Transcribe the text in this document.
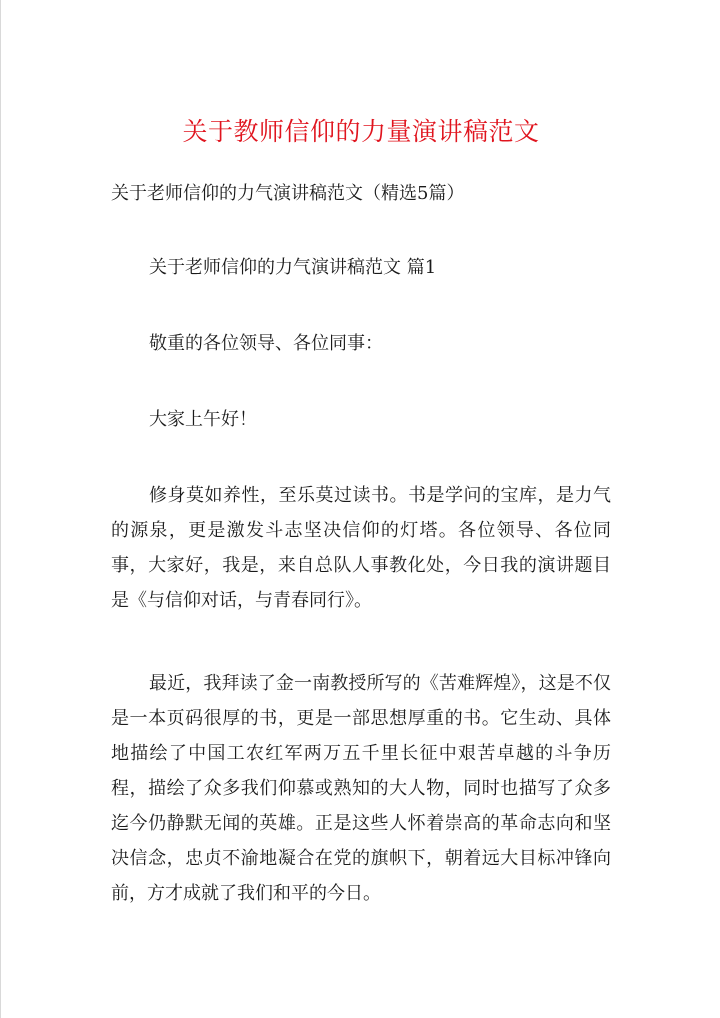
关于教师信仰的力量演讲稿范文
关于老师信仰的力气演讲稿范文（精选5篇）
关于老师信仰的力气演讲稿范文 篇1
敬重的各位领导、各位同事：
大家上午好！
修身莫如养性，至乐莫过读书。书是学问的宝库，是力气的源泉，更是激发斗志坚决信仰的灯塔。各位领导、各位同事，大家好，我是，来自总队人事教化处，今日我的演讲题目是《与信仰对话，与青春同行》。
最近，我拜读了金一南教授所写的《苦难辉煌》，这是不仅是一本页码很厚的书，更是一部思想厚重的书。它生动、具体地描绘了中国工农红军两万五千里长征中艰苦卓越的斗争历程，描绘了众多我们仰慕或熟知的大人物，同时也描写了众多迄今仍静默无闻的英雄。正是这些人怀着崇高的革命志向和坚决信念，忠贞不渝地凝合在党的旗帜下，朝着远大目标冲锋向前，方才成就了我们和平的今日。
